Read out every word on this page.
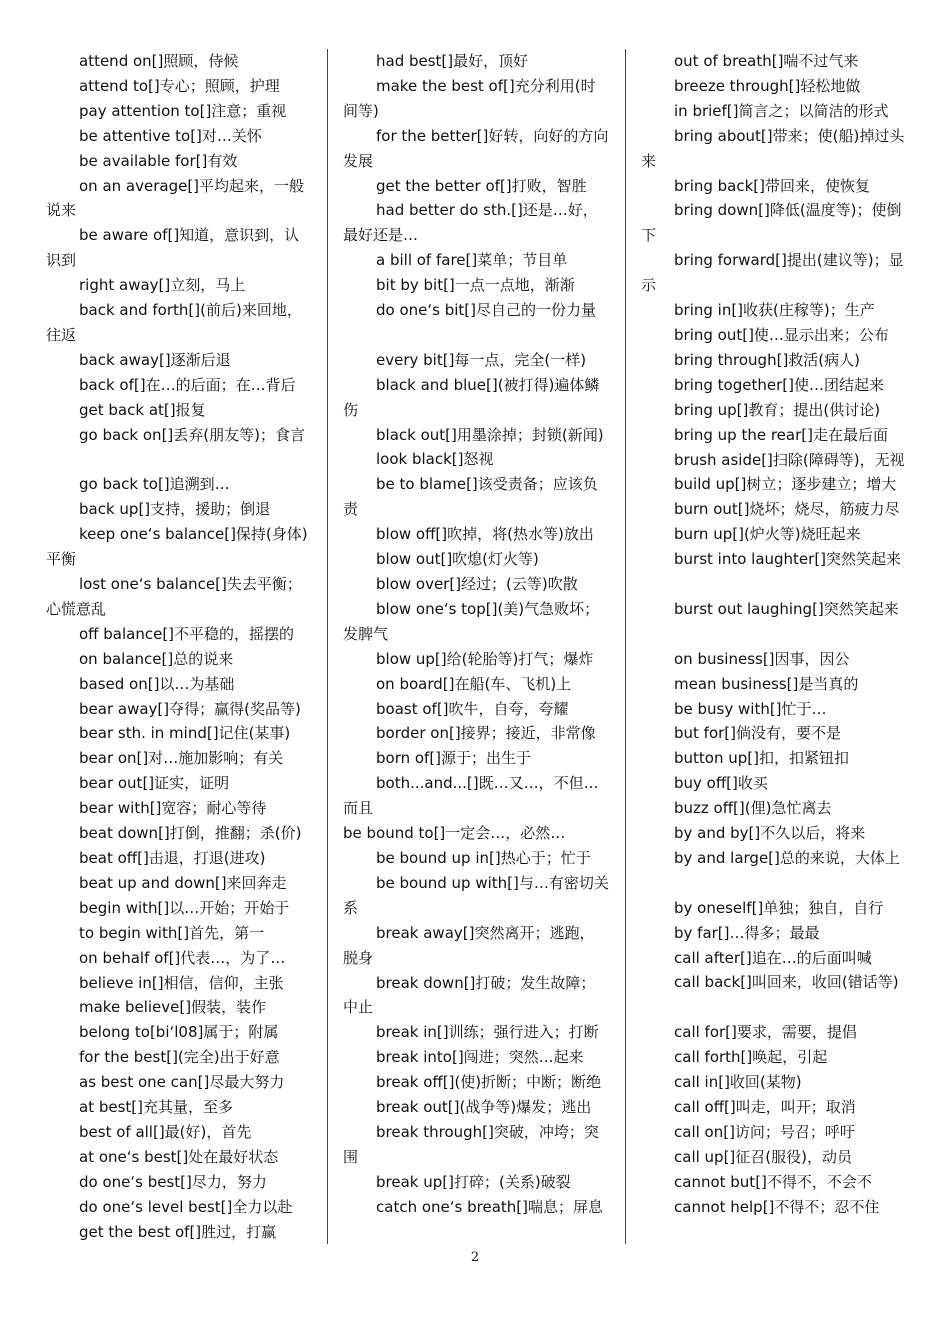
attend on[]照顾，侍候
attend to[]专心；照顾，护理
pay attention to[]注意；重视
be attentive to[]对…关怀
be available for[]有效
on an average[]平均起来，一般说来
be aware of[]知道，意识到，认识到
right away[]立刻，马上
back and forth[](前后)来回地，往返
back away[]逐渐后退
back of[]在…的后面；在…背后
get back at[]报复
go back on[]丢弃(朋友等)；食言
go back to[]追溯到…
back up[]支持，援助；倒退
keep one‘s balance[]保持(身体)平衡
lost one‘s balance[]失去平衡；心慌意乱
off balance[]不平稳的，摇摆的
on balance[]总的说来
based on[]以…为基础
bear away[]夺得；赢得(奖品等)
bear sth. in mind[]记住(某事)
bear on[]对…施加影响；有关
bear out[]证实，证明
bear with[]宽容；耐心等待
beat down[]打倒，推翻；杀(价)
beat off[]击退，打退(进攻)
beat up and down[]来回奔走
begin with[]以…开始；开始于
to begin with[]首先，第一
on behalf of[]代表…，为了…
believe in[]相信，信仰，主张
make believe[]假装，装作
belong to[bi‘l08]属于；附属
for the best[](完全)出于好意
as best one can[]尽最大努力
at best[]充其量，至多
best of all[]最(好)，首先
at one‘s best[]处在最好状态
do one‘s best[]尽力，努力
do one‘s level best[]全力以赴
get the best of[]胜过，打赢
had best[]最好，顶好
make the best of[]充分利用(时间等)
for the better[]好转，向好的方向发展
get the better of[]打败，智胜
had better do sth.[]还是…好，最好还是…
a bill of fare[]菜单；节目单
bit by bit[]一点一点地，渐渐
do one‘s bit[]尽自己的一份力量
every bit[]每一点，完全(一样)
black and blue[](被打得)遍体鳞伤
black out[]用墨涂掉；封锁(新闻)
look black[]怒视
be to blame[]该受责备；应该负责
blow off[]吹掉，将(热水等)放出
blow out[]吹熄(灯火等)
blow over[]经过；(云等)吹散
blow one‘s top[](美)气急败坏；发脾气
blow up[]给(轮胎等)打气；爆炸
on board[]在船(车、飞机)上
boast of[]吹牛，自夸，夸耀
border on[]接界；接近，非常像
born of[]源于；出生于
both...and...[]既…又…，不但…而且
be bound to[]一定会…，必然…
be bound up in[]热心于；忙于
be bound up with[]与…有密切关系
break away[]突然离开；逃跑，脱身
break down[]打破；发生故障；中止
break in[]训练；强行进入；打断
break into[]闯进；突然…起来
break off[](使)折断；中断；断绝
break out[](战争等)爆发；逃出
break through[]突破，冲垮；突围
break up[]打碎；(关系)破裂
catch one‘s breath[]喘息；屏息
out of breath[]喘不过气来
breeze through[]轻松地做
in brief[]简言之；以简洁的形式
bring about[]带来；使(船)掉过头来
bring back[]带回来，使恢复
bring down[]降低(温度等)；使倒下
bring forward[]提出(建议等)；显示
bring in[]收获(庄稼等)；生产
bring out[]使…显示出来；公布
bring through[]救活(病人)
bring together[]使…团结起来
bring up[]教育；提出(供讨论)
bring up the rear[]走在最后面
brush aside[]扫除(障碍等)，无视
build up[]树立；逐步建立；增大
burn out[]烧坏；烧尽，筋疲力尽
burn up[](炉火等)烧旺起来
burst into laughter[]突然笑起来
burst out laughing[]突然笑起来
on business[]因事，因公
mean business[]是当真的
be busy with[]忙于…
but for[]倘没有，要不是
button up[]扣，扣紧钮扣
buy off[]收买
buzz off[](俚)急忙离去
by and by[]不久以后，将来
by and large[]总的来说，大体上
by oneself[]单独；独自，自行
by far[]…得多；最最
call after[]追在…的后面叫喊
call back[]叫回来，收回(错话等)
call for[]要求，需要，提倡
call forth[]唤起，引起
call in[]收回(某物)
call off[]叫走，叫开；取消
call on[]访问；号召；呼吁
call up[]征召(服役)，动员
cannot but[]不得不，不会不
cannot help[]不得不；忍不住
2
